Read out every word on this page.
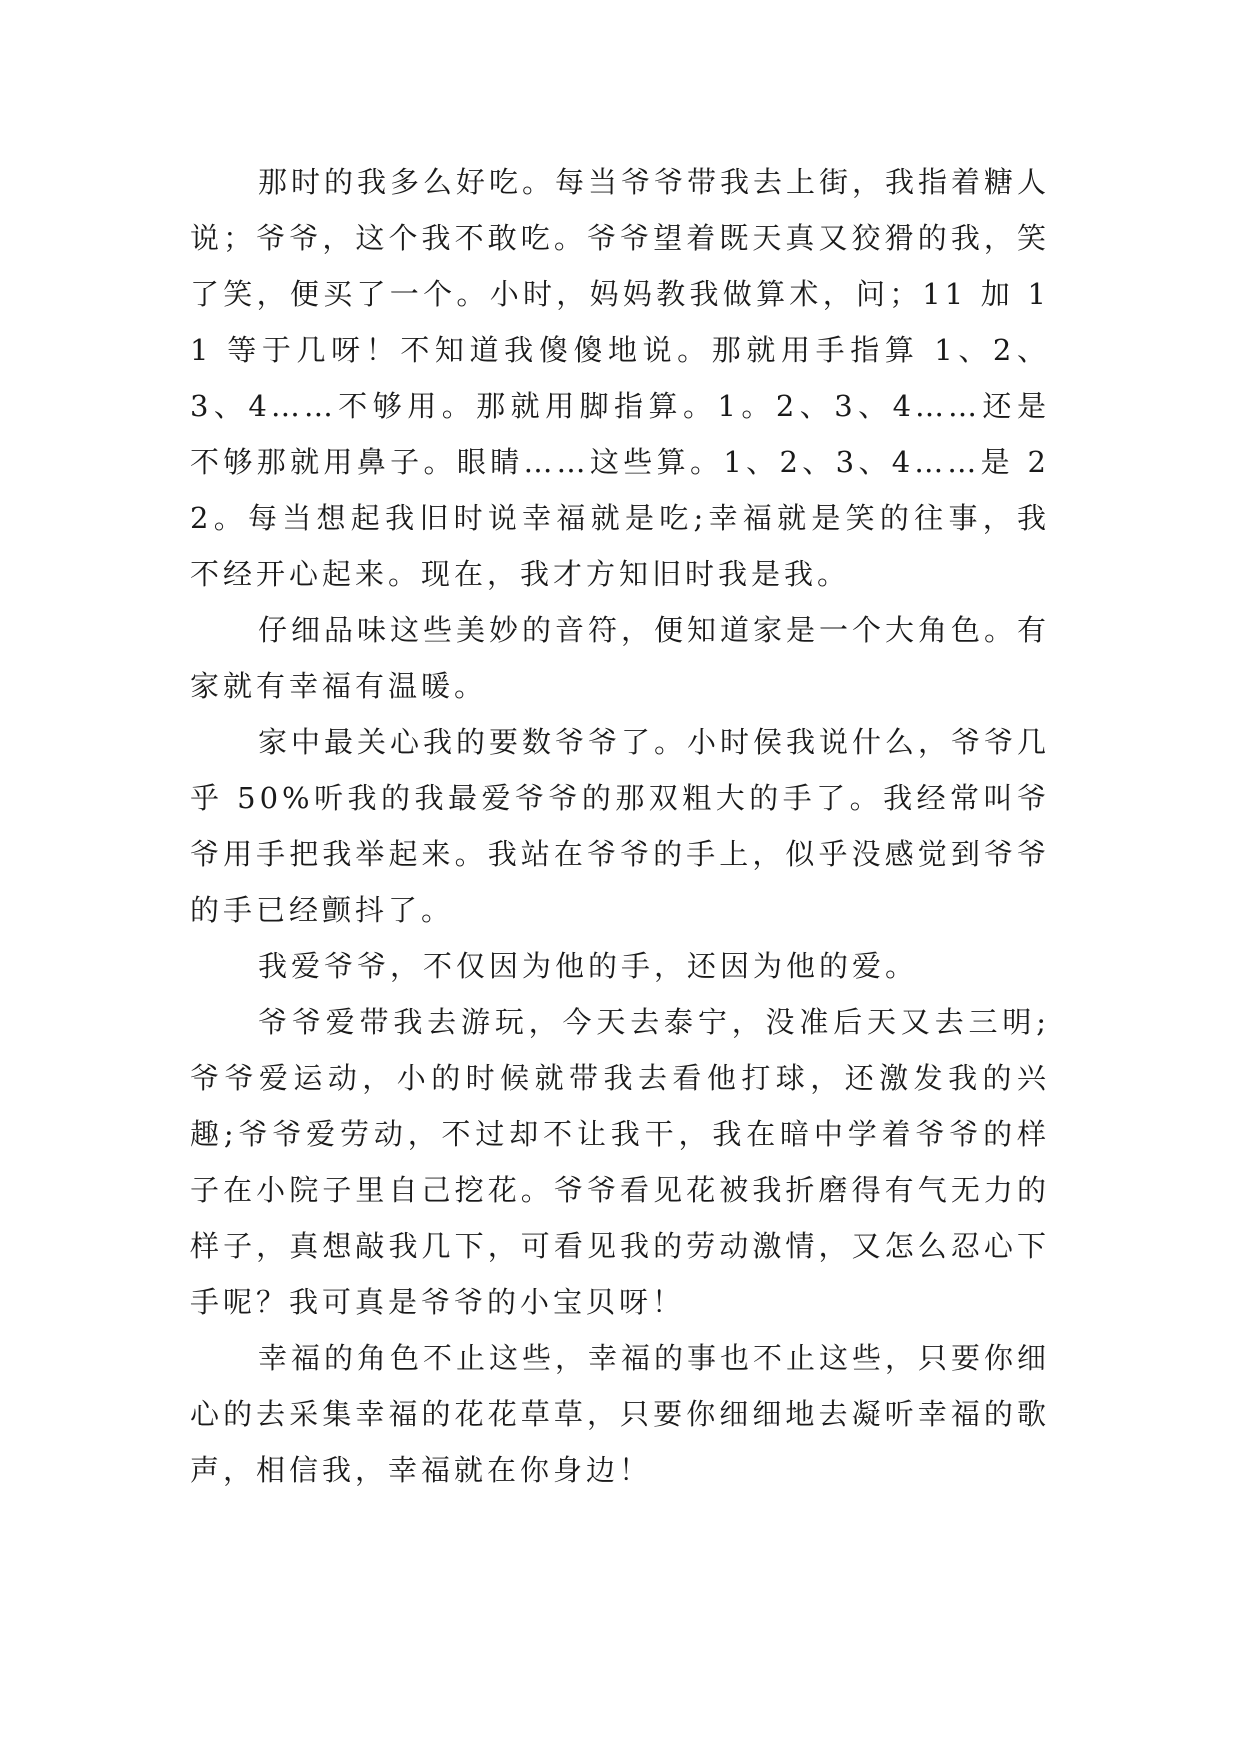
那时的我多么好吃。每当爷爷带我去上街，我指着糖人说；爷爷，这个我不敢吃。爷爷望着既天真又狡猾的我，笑了笑，便买了一个。小时，妈妈教我做算术，问；11 加 11 等于几呀！不知道我傻傻地说。那就用手指算 1、2、3、4……不够用。那就用脚指算。1。2、3、4……还是不够那就用鼻子。眼睛……这些算。1、2、3、4……是 22。每当想起我旧时说幸福就是吃;幸福就是笑的往事，我不经开心起来。现在，我才方知旧时我是我。

仔细品味这些美妙的音符，便知道家是一个大角色。有家就有幸福有温暖。

家中最关心我的要数爷爷了。小时侯我说什么，爷爷几乎 50%听我的我最爱爷爷的那双粗大的手了。我经常叫爷爷用手把我举起来。我站在爷爷的手上，似乎没感觉到爷爷的手已经颤抖了。

我爱爷爷，不仅因为他的手，还因为他的爱。

爷爷爱带我去游玩，今天去泰宁，没准后天又去三明;爷爷爱运动，小的时候就带我去看他打球，还激发我的兴趣;爷爷爱劳动，不过却不让我干，我在暗中学着爷爷的样子在小院子里自己挖花。爷爷看见花被我折磨得有气无力的样子，真想敲我几下，可看见我的劳动激情，又怎么忍心下手呢？我可真是爷爷的小宝贝呀！

幸福的角色不止这些，幸福的事也不止这些，只要你细心的去采集幸福的花花草草，只要你细细地去凝听幸福的歌声，相信我，幸福就在你身边！
